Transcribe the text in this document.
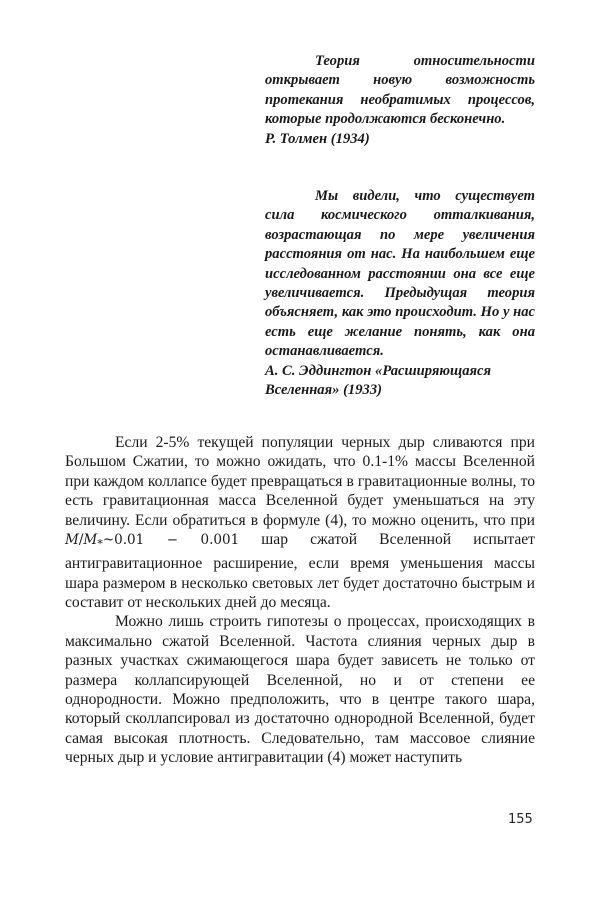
Теория относительности открывает новую возможность протекания необратимых процессов, которые продолжаются бесконечно.

Р. Толмен (1934)

Мы видели, что существует сила космического отталкивания, возрастающая по мере увеличения расстояния от нас. На наибольшем еще исследованном расстоянии она все еще увеличивается. Предыдущая теория объясняет, как это происходит. Но у нас есть еще желание понять, как она останавливается.

А. С. Эддингтон «Расширяющаяся Вселенная» (1933)

Если 2-5% текущей популяции черных дыр сливаются при Большом Сжатии, то можно ожидать, что 0.1-1% массы Вселенной при каждом коллапсе будет превращаться в гравитационные волны, то есть гравитационная масса Вселенной будет уменьшаться на эту величину. Если обратиться в формуле (4), то можно оценить, что при $M/M_*\sim 0.01 - 0.001$ шар сжатой Вселенной испытает антигравитационное расширение, если время уменьшения массы шара размером в несколько световых лет будет достаточно быстрым и составит от нескольких дней до месяца.

Можно лишь строить гипотезы о процессах, происходящих в максимально сжатой Вселенной. Частота слияния черных дыр в разных участках сжимающегося шара будет зависеть не только от размера коллапсирующей Вселенной, но и от степени ее однородности. Можно предположить, что в центре такого шара, который сколлапсировал из достаточно однородной Вселенной, будет самая высокая плотность. Следовательно, там массовое слияние черных дыр и условие антигравитации (4) может наступить

155
